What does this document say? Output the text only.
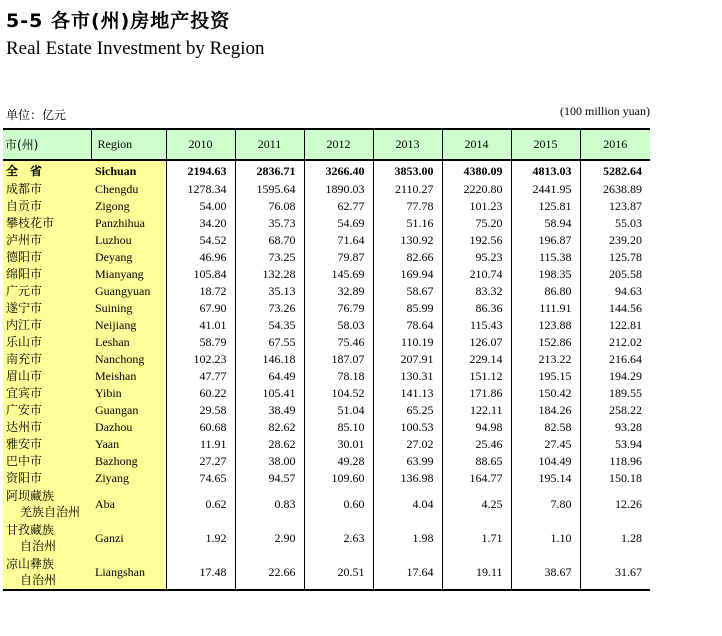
5-5 各市(州)房地产投资
Real Estate Investment by Region
单位：亿元	(100 million yuan)
市(州)	Region	2010	2011	2012	2013	2014	2015	2016
全　省	Sichuan	2194.63	2836.71	3266.40	3853.00	4380.09	4813.03	5282.64
成都市	Chengdu	1278.34	1595.64	1890.03	2110.27	2220.80	2441.95	2638.89
自贡市	Zigong	54.00	76.08	62.77	77.78	101.23	125.81	123.87
攀枝花市	Panzhihua	34.20	35.73	54.69	51.16	75.20	58.94	55.03
泸州市	Luzhou	54.52	68.70	71.64	130.92	192.56	196.87	239.20
德阳市	Deyang	46.96	73.25	79.87	82.66	95.23	115.38	125.78
绵阳市	Mianyang	105.84	132.28	145.69	169.94	210.74	198.35	205.58
广元市	Guangyuan	18.72	35.13	32.89	58.67	83.32	86.80	94.63
遂宁市	Suining	67.90	73.26	76.79	85.99	86.36	111.91	144.56
内江市	Neijiang	41.01	54.35	58.03	78.64	115.43	123.88	122.81
乐山市	Leshan	58.79	67.55	75.46	110.19	126.07	152.86	212.02
南充市	Nanchong	102.23	146.18	187.07	207.91	229.14	213.22	216.64
眉山市	Meishan	47.77	64.49	78.18	130.31	151.12	195.15	194.29
宜宾市	Yibin	60.22	105.41	104.52	141.13	171.86	150.42	189.55
广安市	Guangan	29.58	38.49	51.04	65.25	122.11	184.26	258.22
达州市	Dazhou	60.68	82.62	85.10	100.53	94.98	82.58	93.28
雅安市	Yaan	11.91	28.62	30.01	27.02	25.46	27.45	53.94
巴中市	Bazhong	27.27	38.00	49.28	63.99	88.65	104.49	118.96
资阳市	Ziyang	74.65	94.57	109.60	136.98	164.77	195.14	150.18

阿坝藏族
羌族自治州	Aba	0.62	0.83	0.60	4.04	4.25	7.80	12.26

甘孜藏族
自治州	Ganzi	1.92	2.90	2.63	1.98	1.71	1.10	1.28

凉山彝族
自治州	Liangshan	17.48	22.66	20.51	17.64	19.11	38.67	31.67
